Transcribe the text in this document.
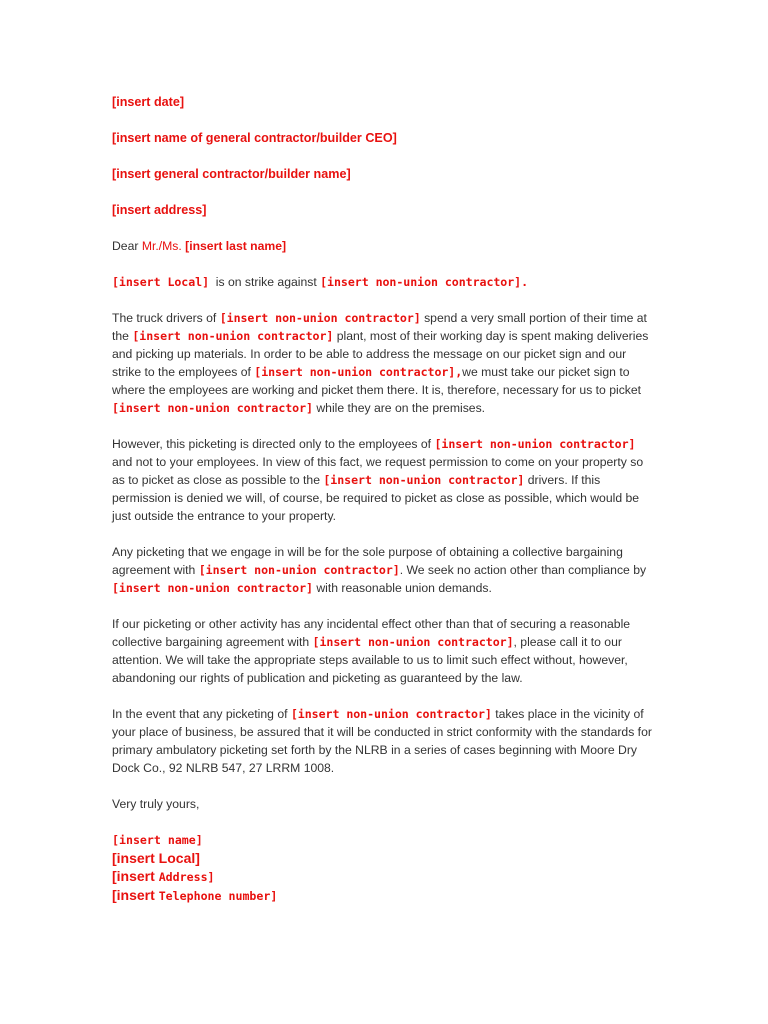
[insert date]
[insert name of general contractor/builder CEO]
[insert general contractor/builder name]
[insert address]

Dear Mr./Ms. [insert last name]

[insert Local]  is on strike against [insert non-union contractor].

The truck drivers of [insert non-union contractor] spend a very small portion of their time at the [insert non-union contractor] plant, most of their working day is spent making deliveries and picking up materials. In order to be able to address the message on our picket sign and our strike to the employees of [insert non-union contractor],we must take our picket sign to where the employees are working and picket them there. It is, therefore, necessary for us to picket [insert non-union contractor] while they are on the premises.

However, this picketing is directed only to the employees of [insert non-union contractor] and not to your employees. In view of this fact, we request permission to come on your property so as to picket as close as possible to the [insert non-union contractor] drivers. If this permission is denied we will, of course, be required to picket as close as possible, which would be just outside the entrance to your property.

Any picketing that we engage in will be for the sole purpose of obtaining a collective bargaining agreement with [insert non-union contractor]. We seek no action other than compliance by [insert non-union contractor] with reasonable union demands.

If our picketing or other activity has any incidental effect other than that of securing a reasonable collective bargaining agreement with [insert non-union contractor], please call it to our attention. We will take the appropriate steps available to us to limit such effect without, however, abandoning our rights of publication and picketing as guaranteed by the law.

In the event that any picketing of [insert non-union contractor] takes place in the vicinity of your place of business, be assured that it will be conducted in strict conformity with the standards for primary ambulatory picketing set forth by the NLRB in a series of cases beginning with Moore Dry Dock Co., 92 NLRB 547, 27 LRRM 1008.

Very truly yours,

[insert name]
[insert Local]
[insert Address]
[insert Telephone number]
